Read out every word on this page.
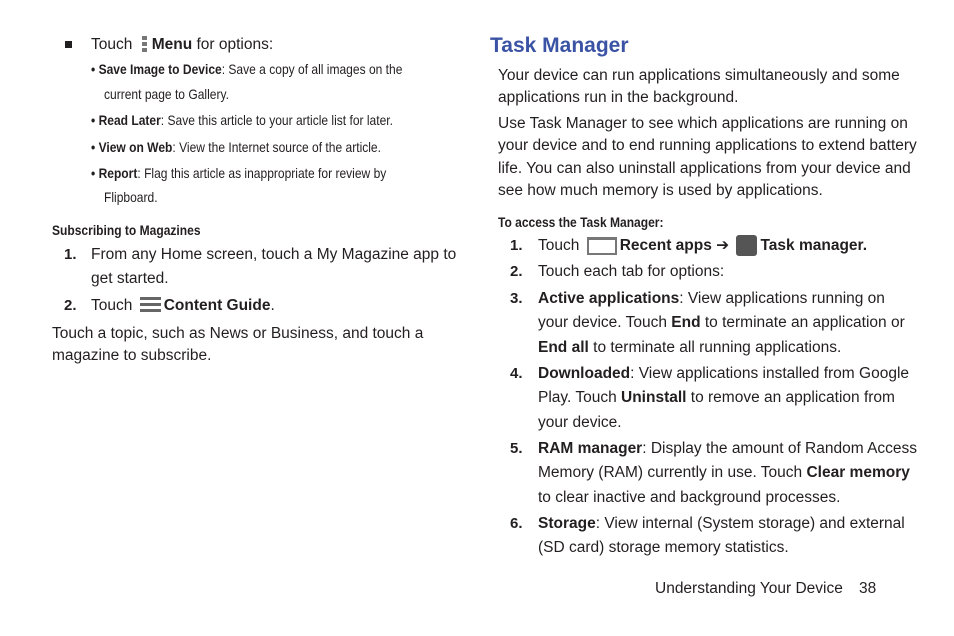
Touch Menu for options:
• Save Image to Device: Save a copy of all images on the
current page to Gallery.
• Read Later: Save this article to your article list for later.
• View on Web: View the Internet source of the article.
• Report: Flag this article as inappropriate for review by
Flipboard.
Subscribing to Magazines
1. From any Home screen, touch a My Magazine app to
get started.
2. Touch Content Guide.
Touch a topic, such as News or Business, and touch a
magazine to subscribe.
Task Manager
Your device can run applications simultaneously and some
applications run in the background.
Use Task Manager to see which applications are running on
your device and to end running applications to extend battery
life. You can also uninstall applications from your device and
see how much memory is used by applications.
To access the Task Manager:
1. Touch	Recent apps ➔ Task manager.
2. Touch each tab for options:
3. Active applications: View applications running on
your device. Touch End to terminate an application or
End all to terminate all running applications.
4. Downloaded: View applications installed from Google
Play. Touch Uninstall to remove an application from
your device.
5. RAM manager: Display the amount of Random Access
Memory (RAM) currently in use. Touch Clear memory
to clear inactive and background processes.
6. Storage: View internal (System storage) and external
(SD card) storage memory statistics.
Understanding Your Device 38
